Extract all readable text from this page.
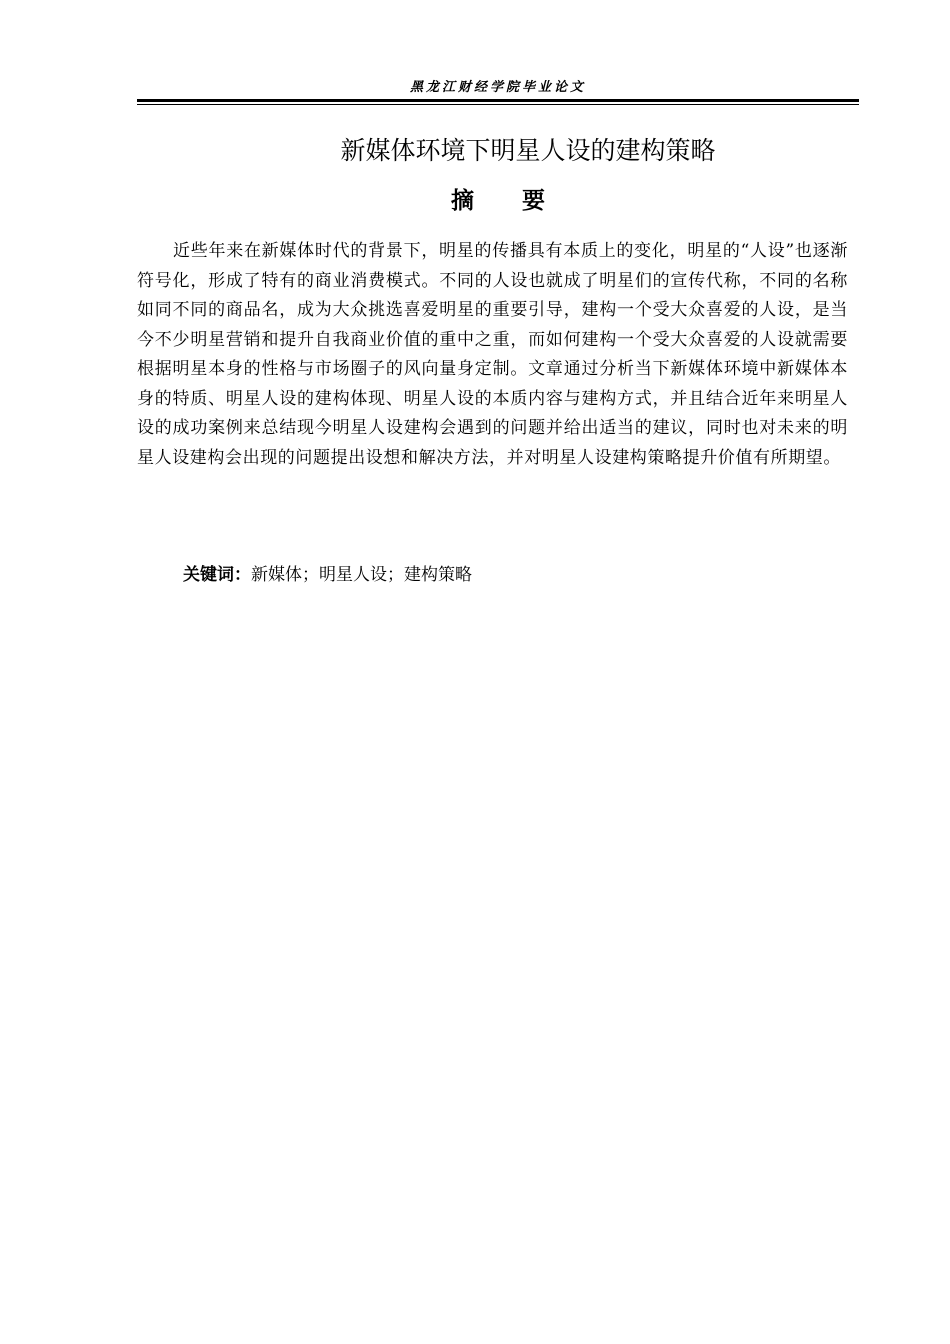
黑龙江财经学院毕业论文
新媒体环境下明星人设的建构策略
摘要

近些年来在新媒体时代的背景下，明星的传播具有本质上的变化，明星的“人设”也逐渐符号化，形成了特有的商业消费模式。不同的人设也就成了明星们的宣传代称，不同的名称如同不同的商品名，成为大众挑选喜爱明星的重要引导，建构一个受大众喜爱的人设，是当今不少明星营销和提升自我商业价值的重中之重，而如何建构一个受大众喜爱的人设就需要根据明星本身的性格与市场圈子的风向量身定制。文章通过分析当下新媒体环境中新媒体本身的特质、明星人设的建构体现、明星人设的本质内容与建构方式，并且结合近年来明星人设的成功案例来总结现今明星人设建构会遇到的问题并给出适当的建议，同时也对未来的明星人设建构会出现的问题提出设想和解决方法，并对明星人设建构策略提升价值有所期望。

关键词：新媒体；明星人设；建构策略
